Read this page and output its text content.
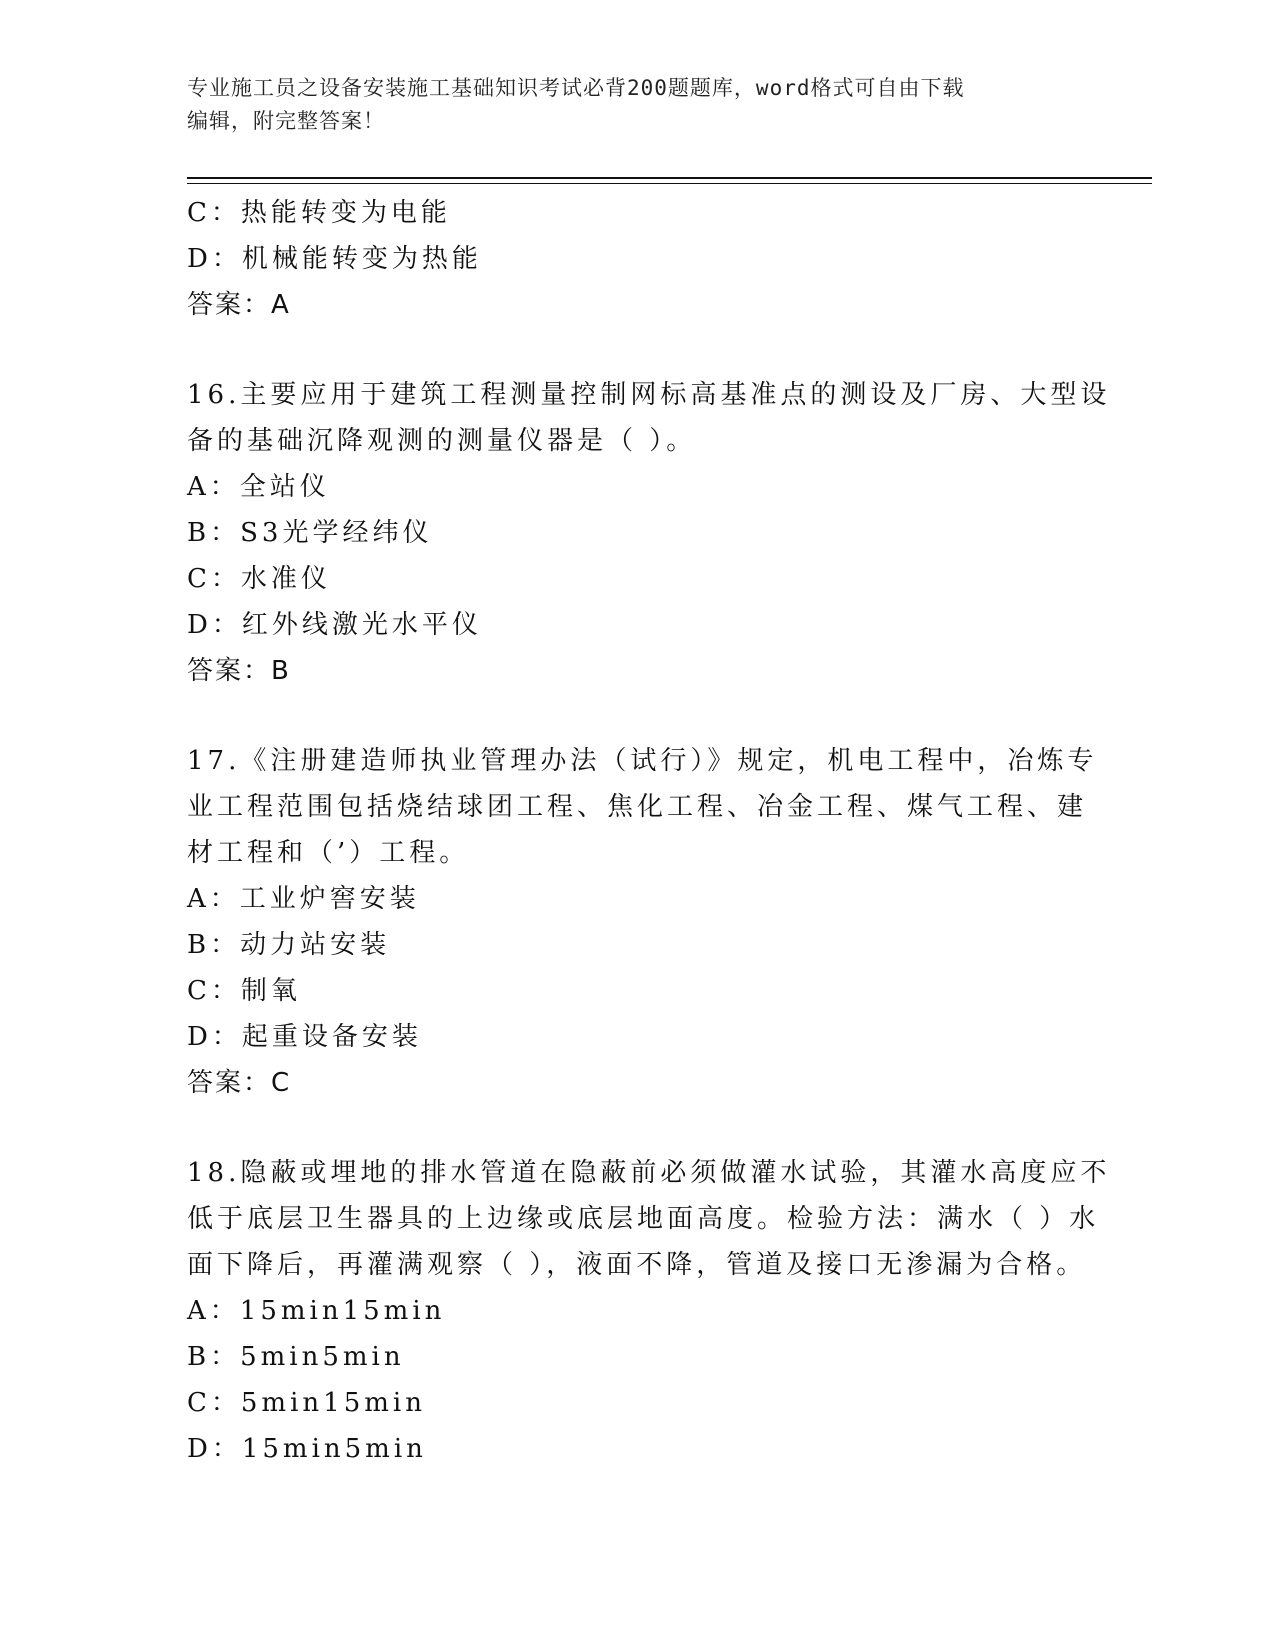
专业施工员之设备安装施工基础知识考试必背200题题库，word格式可自由下载
编辑，附完整答案！
C：热能转变为电能
D：机械能转变为热能
答案：A
16.主要应用于建筑工程测量控制网标高基准点的测设及厂房、大型设
备的基础沉降观测的测量仪器是（ ）。
A：全站仪
B：S3光学经纬仪
C：水准仪
D：红外线激光水平仪
答案：B
17.《注册建造师执业管理办法（试行）》规定，机电工程中，冶炼专
业工程范围包括烧结球团工程、焦化工程、冶金工程、煤气工程、建
材工程和（’）工程。
A：工业炉窖安装
B：动力站安装
C：制氧
D：起重设备安装
答案：C
18.隐蔽或埋地的排水管道在隐蔽前必须做灌水试验，其灌水高度应不
低于底层卫生器具的上边缘或底层地面高度。检验方法：满水（ ）水
面下降后，再灌满观察（ ），液面不降，管道及接口无渗漏为合格。
A：15min15min
B：5min5min
C：5min15min
D：15min5min
